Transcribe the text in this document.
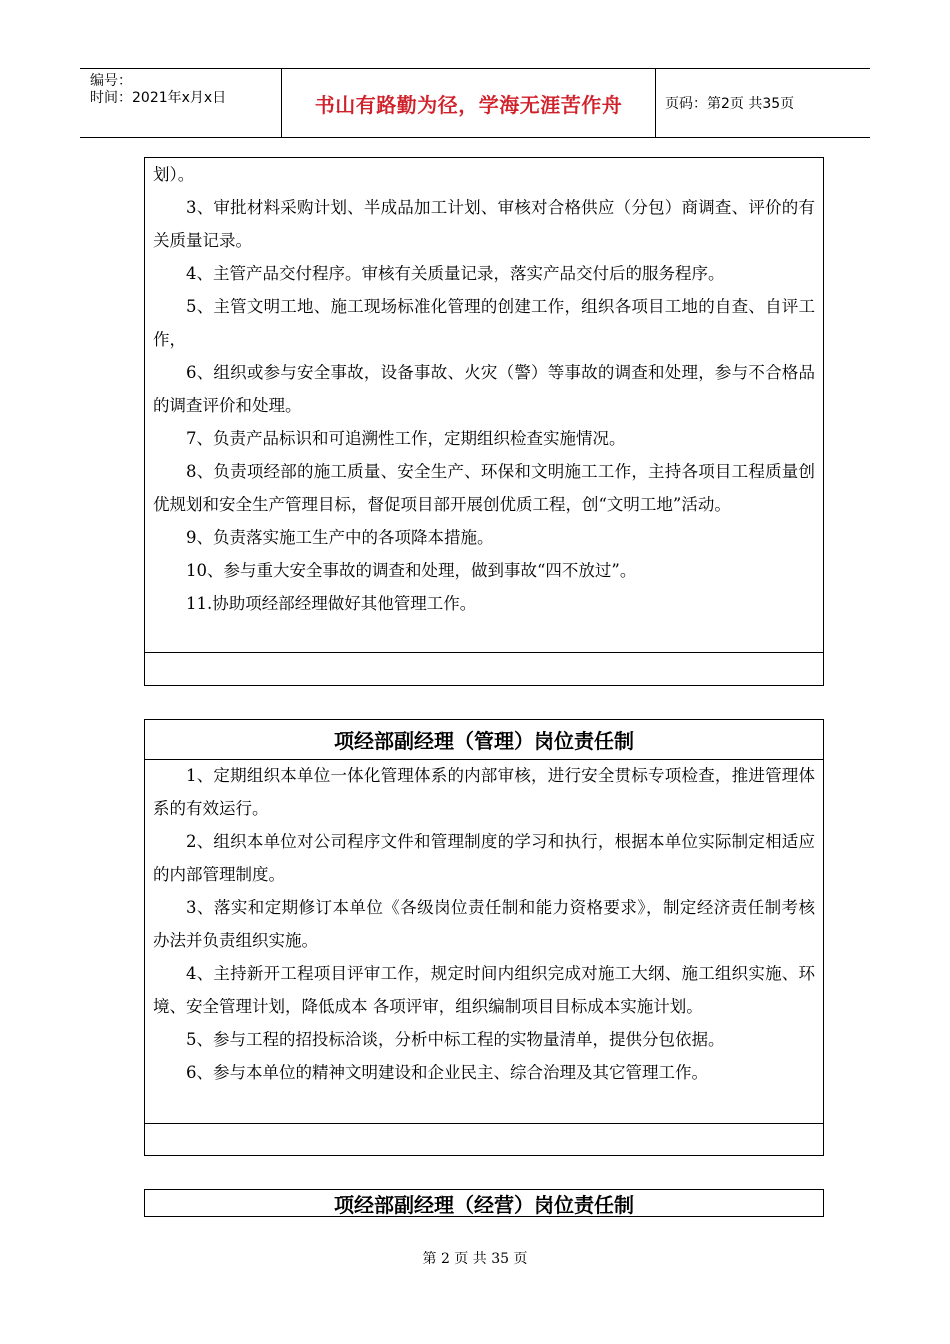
编号：
时间：2021年x月x日	书山有路勤为径，学海无涯苦作舟	页码：第2页 共35页

划）。

3、审批材料采购计划、半成品加工计划、审核对合格供应（分包）商调查、评价的有关质量记录。

4、主管产品交付程序。审核有关质量记录，落实产品交付后的服务程序。

5、主管文明工地、施工现场标准化管理的创建工作，组织各项目工地的自查、自评工作，

6、组织或参与安全事故，设备事故、火灾（警）等事故的调查和处理，参与不合格品的调查评价和处理。

7、负责产品标识和可追溯性工作，定期组织检查实施情况。

8、负责项经部的施工质量、安全生产、环保和文明施工工作，主持各项目工程质量创优规划和安全生产管理目标，督促项目部开展创优质工程，创“文明工地”活动。

9、负责落实施工生产中的各项降本措施。

10、参与重大安全事故的调查和处理，做到事故“四不放过”。

11.协助项经部经理做好其他管理工作。

项经部副经理（管理）岗位责任制

1、定期组织本单位一体化管理体系的内部审核，进行安全贯标专项检查，推进管理体系的有效运行。

2、组织本单位对公司程序文件和管理制度的学习和执行，根据本单位实际制定相适应的内部管理制度。

3、落实和定期修订本单位《各级岗位责任制和能力资格要求》，制定经济责任制考核办法并负责组织实施。

4、主持新开工程项目评审工作，规定时间内组织完成对施工大纲、施工组织实施、环境、安全管理计划，降低成本 各项评审，组织编制项目目标成本实施计划。

5、参与工程的招投标洽谈，分析中标工程的实物量清单，提供分包依据。

6、参与本单位的精神文明建设和企业民主、综合治理及其它管理工作。

项经部副经理（经营）岗位责任制
第 2 页 共 35 页
